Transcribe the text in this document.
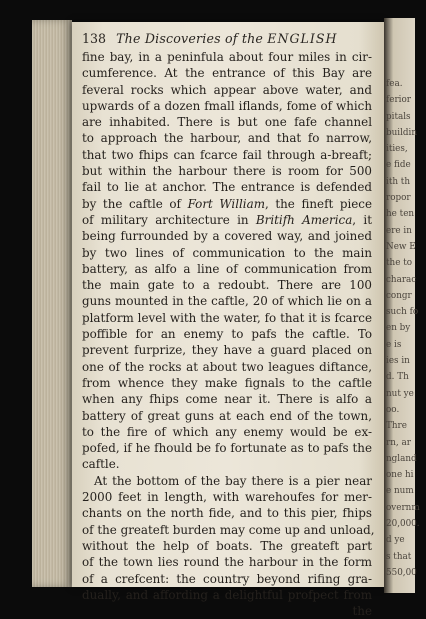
138 The Discoveries of the ENGLISH
fine bay, in a peninfula about four miles in cir-
cumference. At the entrance of this Bay are
feveral rocks which appear above water, and
upwards of a dozen fmall iflands, fome of which
are inhabited. There is but one fafe channel
to approach the harbour, and that fo narrow,
that two fhips can fcarce fail through a-breaft;
but within the harbour there is room for 500
fail to lie at anchor. The entrance is defended
by the caftle of Fort William, the fineft piece
of military architecture in Britifh America, it
being furrounded by a covered way, and joined
by two lines of communication to the main
battery, as alfo a line of communication from
the main gate to a redoubt. There are 100
guns mounted in the caftle, 20 of which lie on a
platform level with the water, fo that it is fcarce
poffible for an enemy to pafs the caftle. To
prevent furprize, they have a guard placed on
one of the rocks at about two leagues diftance,
from whence they make fignals to the caftle
when any fhips come near it. There is alfo a
battery of great guns at each end of the town,
to the fire of which any enemy would be ex-
pofed, if he fhould be fo fortunate as to pafs the
caftle.
At the bottom of the bay there is a pier near
2000 feet in length, with warehoufes for mer-
chants on the north fide, and to this pier, fhips
of the greateft burden may come up and unload,
without the help of boats. The greateft part
of the town lies round the harbour in the form
of a crefcent: the country beyond rifing gra-
dually, and affording a delightful profpect from
the
fea.
ferior
pitals
buildin
ities,
e fide
ith th
ropor
he ten
ere in
New E
the to
charac
congr
such fo
en by
e is
ies in
d. Th
nut ye
oo.
Thre
rn, ar
ngland
one hi
e num
overnm
20,000.
d ye
s that
550,00
